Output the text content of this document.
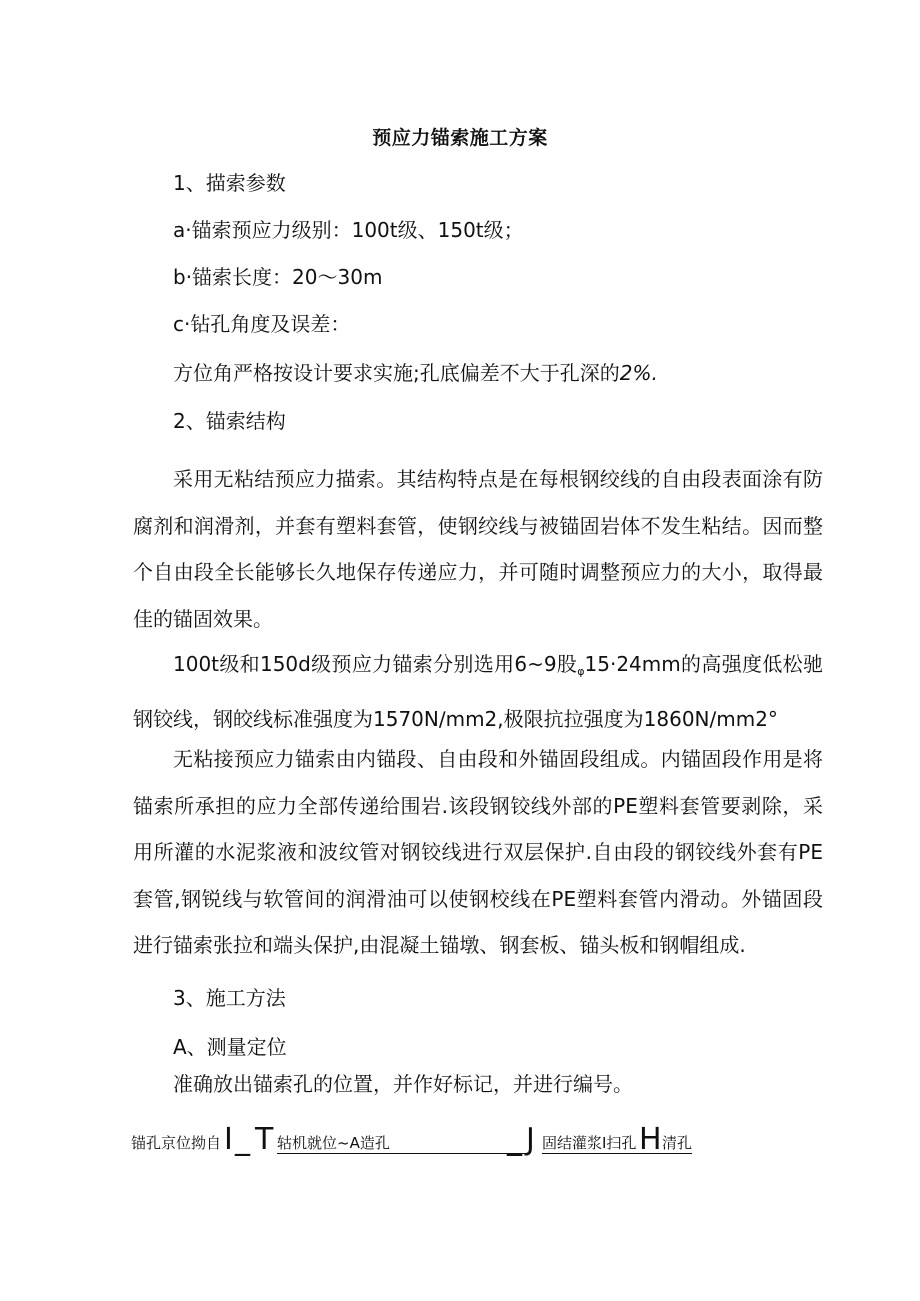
预应力锚索施工方案
1、描索参数
a·锚索预应力级别：100t级、150t级；
b·锚索长度：20～30m
c·钻孔角度及误差：
方位角严格按设计要求实施;孔底偏差不大于孔深的2%.
2、锚索结构

采用无粘结预应力描索。其结构特点是在每根钢绞线的自由段表面涂有防腐剂和润滑剂，并套有塑料套管，使钢绞线与被锚固岩体不发生粘结。因而整个自由段全长能够长久地保存传递应力，并可随时调整预应力的大小，取得最佳的锚固效果。

100t级和150d级预应力锚索分别选用6~9股$_\varphi$15·24mm的高强度低松驰钢铰线，钢皎线标准强度为1570N∕mm2,极限抗拉强度为1860N∕mm2°

无粘接预应力锚索由内锚段、自由段和外锚固段组成。内锚固段作用是将锚索所承担的应力全部传递给围岩.该段钢铰线外部的PE塑料套管要剥除，采用所灌的水泥浆液和波纹管对钢铰线进行双层保护.自由段的钢铰线外套有PE套管,钢锐线与软管间的润滑油可以使钢校线在PE塑料套管内滑动。外锚固段进行锚索张拉和端头保护,由混凝土锚墩、钢套板、锚头板和钢帽组成.

3、施工方法
A、测量定位
准确放出锚索孔的位置，并作好标记，并进行编号。
锚孔京位拗自 I _ T 轱机就位~A造孔	_ J 固结灌浆I扫孔 H 清孔
